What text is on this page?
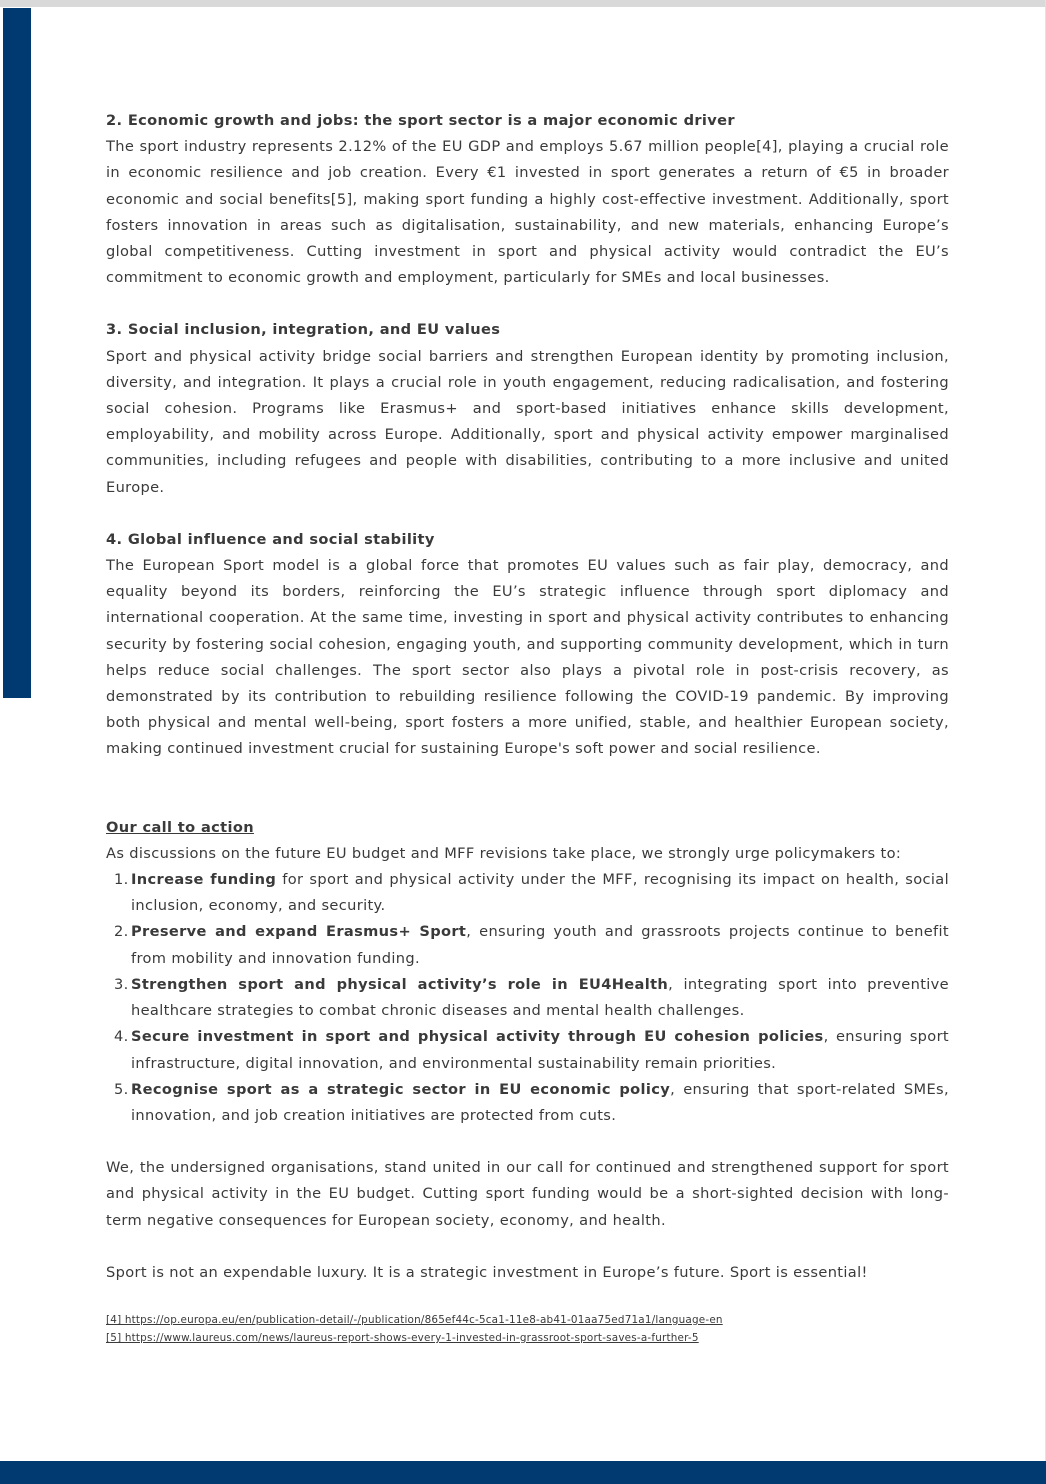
2. Economic growth and jobs: the sport sector is a major economic driver

The sport industry represents 2.12% of the EU GDP and employs 5.67 million people[4], playing a crucial role in economic resilience and job creation. Every €1 invested in sport generates a return of €5 in broader economic and social benefits[5], making sport funding a highly cost-effective investment. Additionally, sport fosters innovation in areas such as digitalisation, sustainability, and new materials, enhancing Europe’s global competitiveness. Cutting investment in sport and physical activity would contradict the EU’s commitment to economic growth and employment, particularly for SMEs and local businesses.

3. Social inclusion, integration, and EU values

Sport and physical activity bridge social barriers and strengthen European identity by promoting inclusion, diversity, and integration. It plays a crucial role in youth engagement, reducing radicalisation, and fostering social cohesion. Programs like Erasmus+ and sport-based initiatives enhance skills development, employability, and mobility across Europe. Additionally, sport and physical activity empower marginalised communities, including refugees and people with disabilities, contributing to a more inclusive and united Europe.

4. Global influence and social stability

The European Sport model is a global force that promotes EU values such as fair play, democracy, and equality beyond its borders, reinforcing the EU’s strategic influence through sport diplomacy and international cooperation. At the same time, investing in sport and physical activity contributes to enhancing security by fostering social cohesion, engaging youth, and supporting community development, which in turn helps reduce social challenges. The sport sector also plays a pivotal role in post-crisis recovery, as demonstrated by its contribution to rebuilding resilience following the COVID-19 pandemic. By improving both physical and mental well-being, sport fosters a more unified, stable, and healthier European society, making continued investment crucial for sustaining Europe's soft power and social resilience.

Our call to action

As discussions on the future EU budget and MFF revisions take place, we strongly urge policymakers to:

1. Increase funding for sport and physical activity under the MFF, recognising its impact on health, social inclusion, economy, and security.
2. Preserve and expand Erasmus+ Sport, ensuring youth and grassroots projects continue to benefit from mobility and innovation funding.
3. Strengthen sport and physical activity’s role in EU4Health, integrating sport into preventive healthcare strategies to combat chronic diseases and mental health challenges.
4. Secure investment in sport and physical activity through EU cohesion policies, ensuring sport infrastructure, digital innovation, and environmental sustainability remain priorities.
5. Recognise sport as a strategic sector in EU economic policy, ensuring that sport-related SMEs, innovation, and job creation initiatives are protected from cuts.

We, the undersigned organisations, stand united in our call for continued and strengthened support for sport and physical activity in the EU budget. Cutting sport funding would be a short-sighted decision with long-term negative consequences for European society, economy, and health.

Sport is not an expendable luxury. It is a strategic investment in Europe’s future. Sport is essential!

[4] https://op.europa.eu/en/publication-detail/-/publication/865ef44c-5ca1-11e8-ab41-01aa75ed71a1/language-en
[5] https://www.laureus.com/news/laureus-report-shows-every-1-invested-in-grassroot-sport-saves-a-further-5
